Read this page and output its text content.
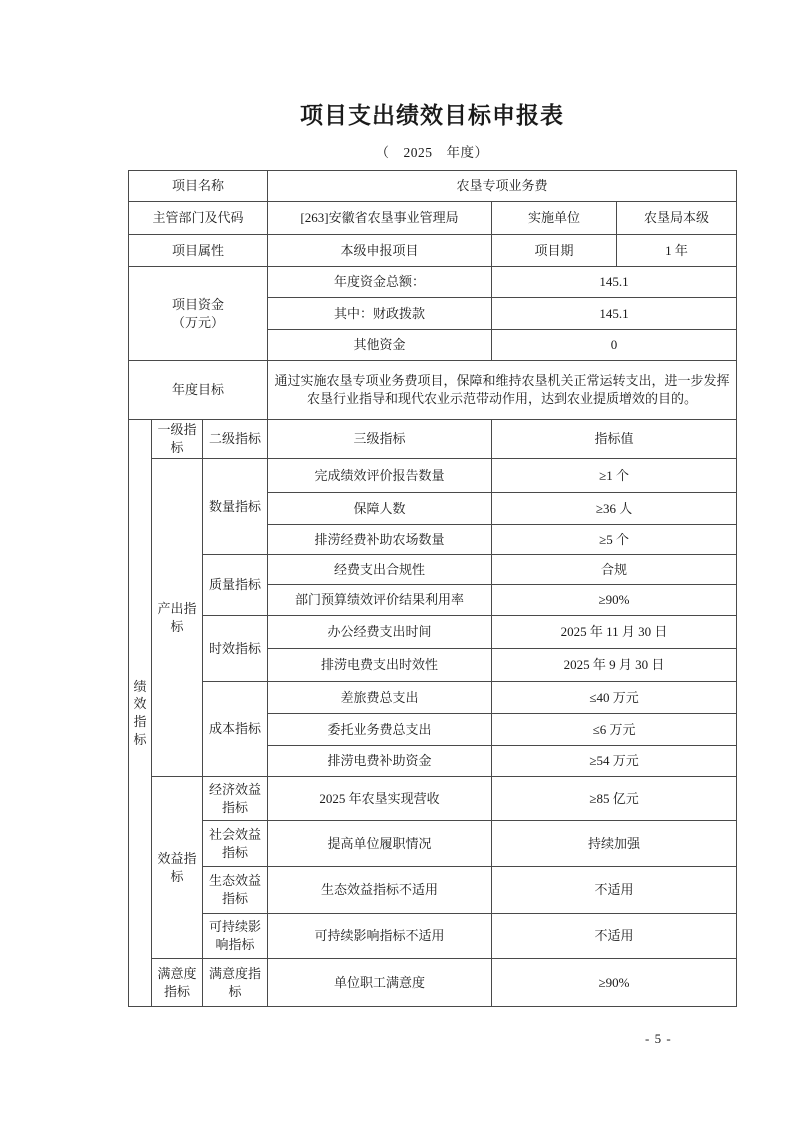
项目支出绩效目标申报表
（　2025　年度）
项目名称			农垦专项业务费		
主管部门及代码			[263]安徽省农垦事业管理局	实施单位	农垦局本级
项目属性			本级申报项目	项目期	1 年

项目资金
（万元）			年度资金总额：	145.1	
			其中：财政拨款	145.1	
			其他资金	0	
年度目标			通过实施农垦专项业务费项目，保障和维持农垦机关正常运转支出，进一步发挥农垦行业指导和现代农业示范带动作用，达到农业提质增效的目的。		
绩效指标	一级指标	二级指标	三级指标	指标值	
	产出指标	数量指标	完成绩效评价报告数量	≥1 个	
			保障人数	≥36 人	
			排涝经费补助农场数量	≥5 个	
		质量指标	经费支出合规性	合规	
			部门预算绩效评价结果利用率	≥90%	
		时效指标	办公经费支出时间	2025 年 11 月 30 日	
			排涝电费支出时效性	2025 年 9 月 30 日	
		成本指标	差旅费总支出	≤40 万元	
			委托业务费总支出	≤6 万元	
			排涝电费补助资金	≥54 万元	
	效益指标	经济效益指标	2025 年农垦实现营收	≥85 亿元	
		社会效益指标	提高单位履职情况	持续加强	
		生态效益指标	生态效益指标不适用	不适用	
		可持续影响指标	可持续影响指标不适用	不适用	
	满意度指标	满意度指标	单位职工满意度	≥90%	
- 5 -
